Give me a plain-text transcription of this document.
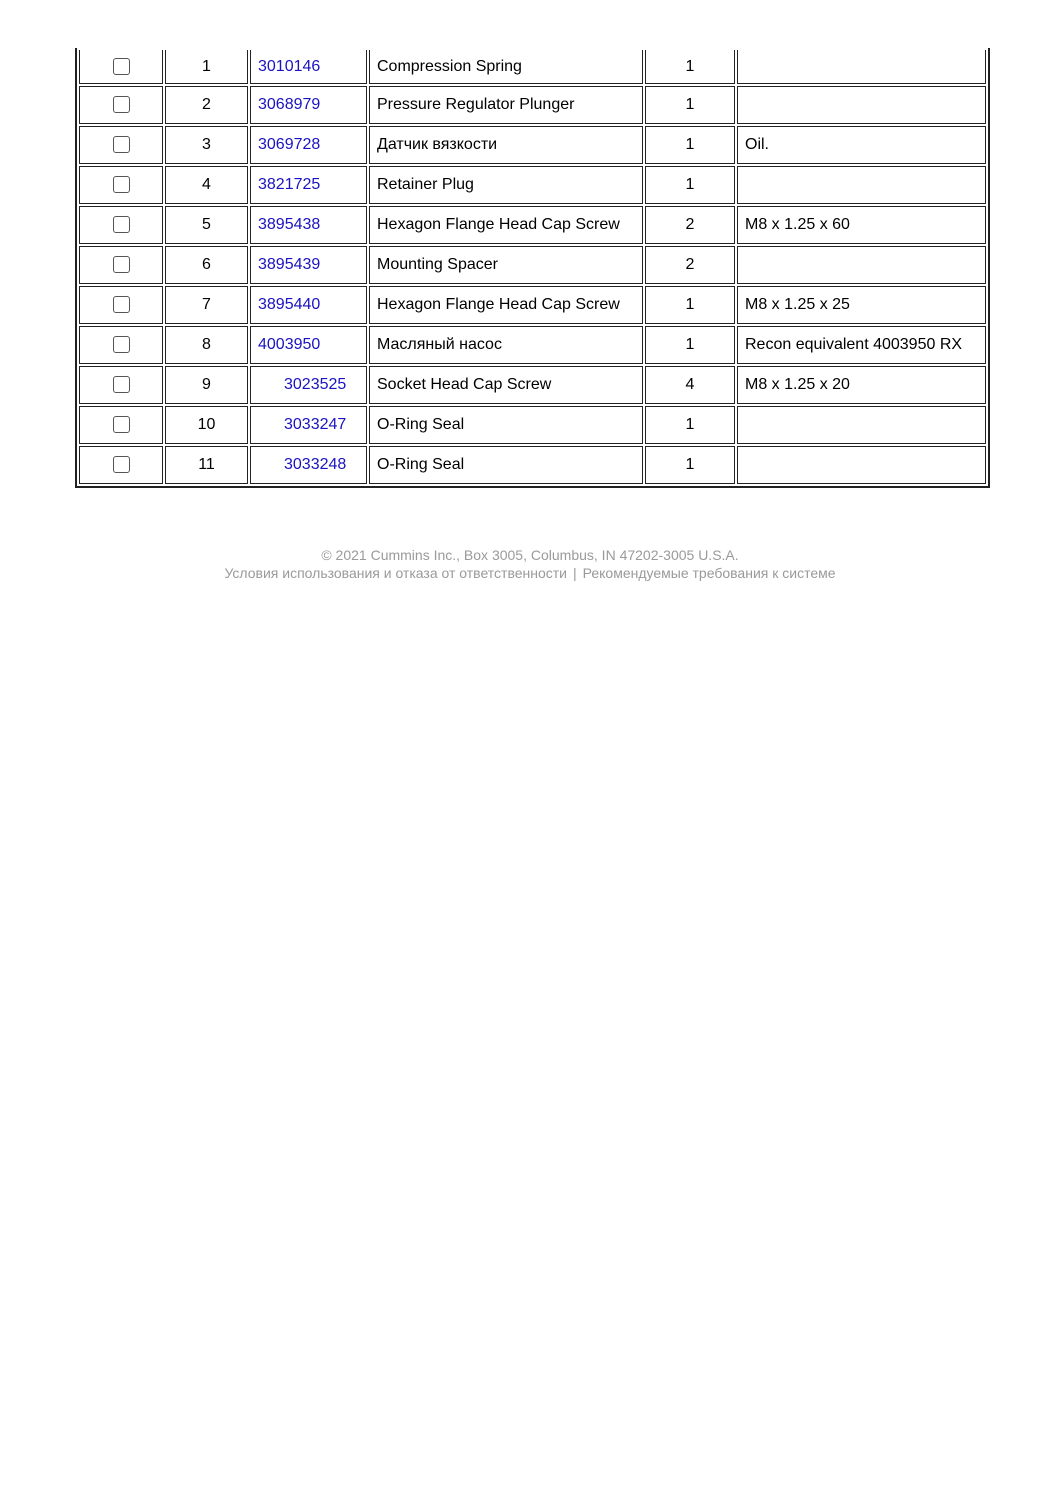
	1	3010146	Compression Spring	1	
	2	3068979	Pressure Regulator Plunger	1	
	3	3069728	Датчик вязкости	1	Oil.
	4	3821725	Retainer Plug	1	
	5	3895438	Hexagon Flange Head Cap Screw	2	M8 x 1.25 x 60
	6	3895439	Mounting Spacer	2	
	7	3895440	Hexagon Flange Head Cap Screw	1	M8 x 1.25 x 25
	8	4003950	Масляный насос	1	Recon equivalent 4003950 RX
	9	3023525	Socket Head Cap Screw	4	M8 x 1.25 x 20
	10	3033247	O-Ring Seal	1	
	11	3033248	O-Ring Seal	1	
© 2021 Cummins Inc., Box 3005, Columbus, IN 47202-3005 U.S.A.
Условия использования и отказа от ответственности | Рекомендуемые требования к системе
